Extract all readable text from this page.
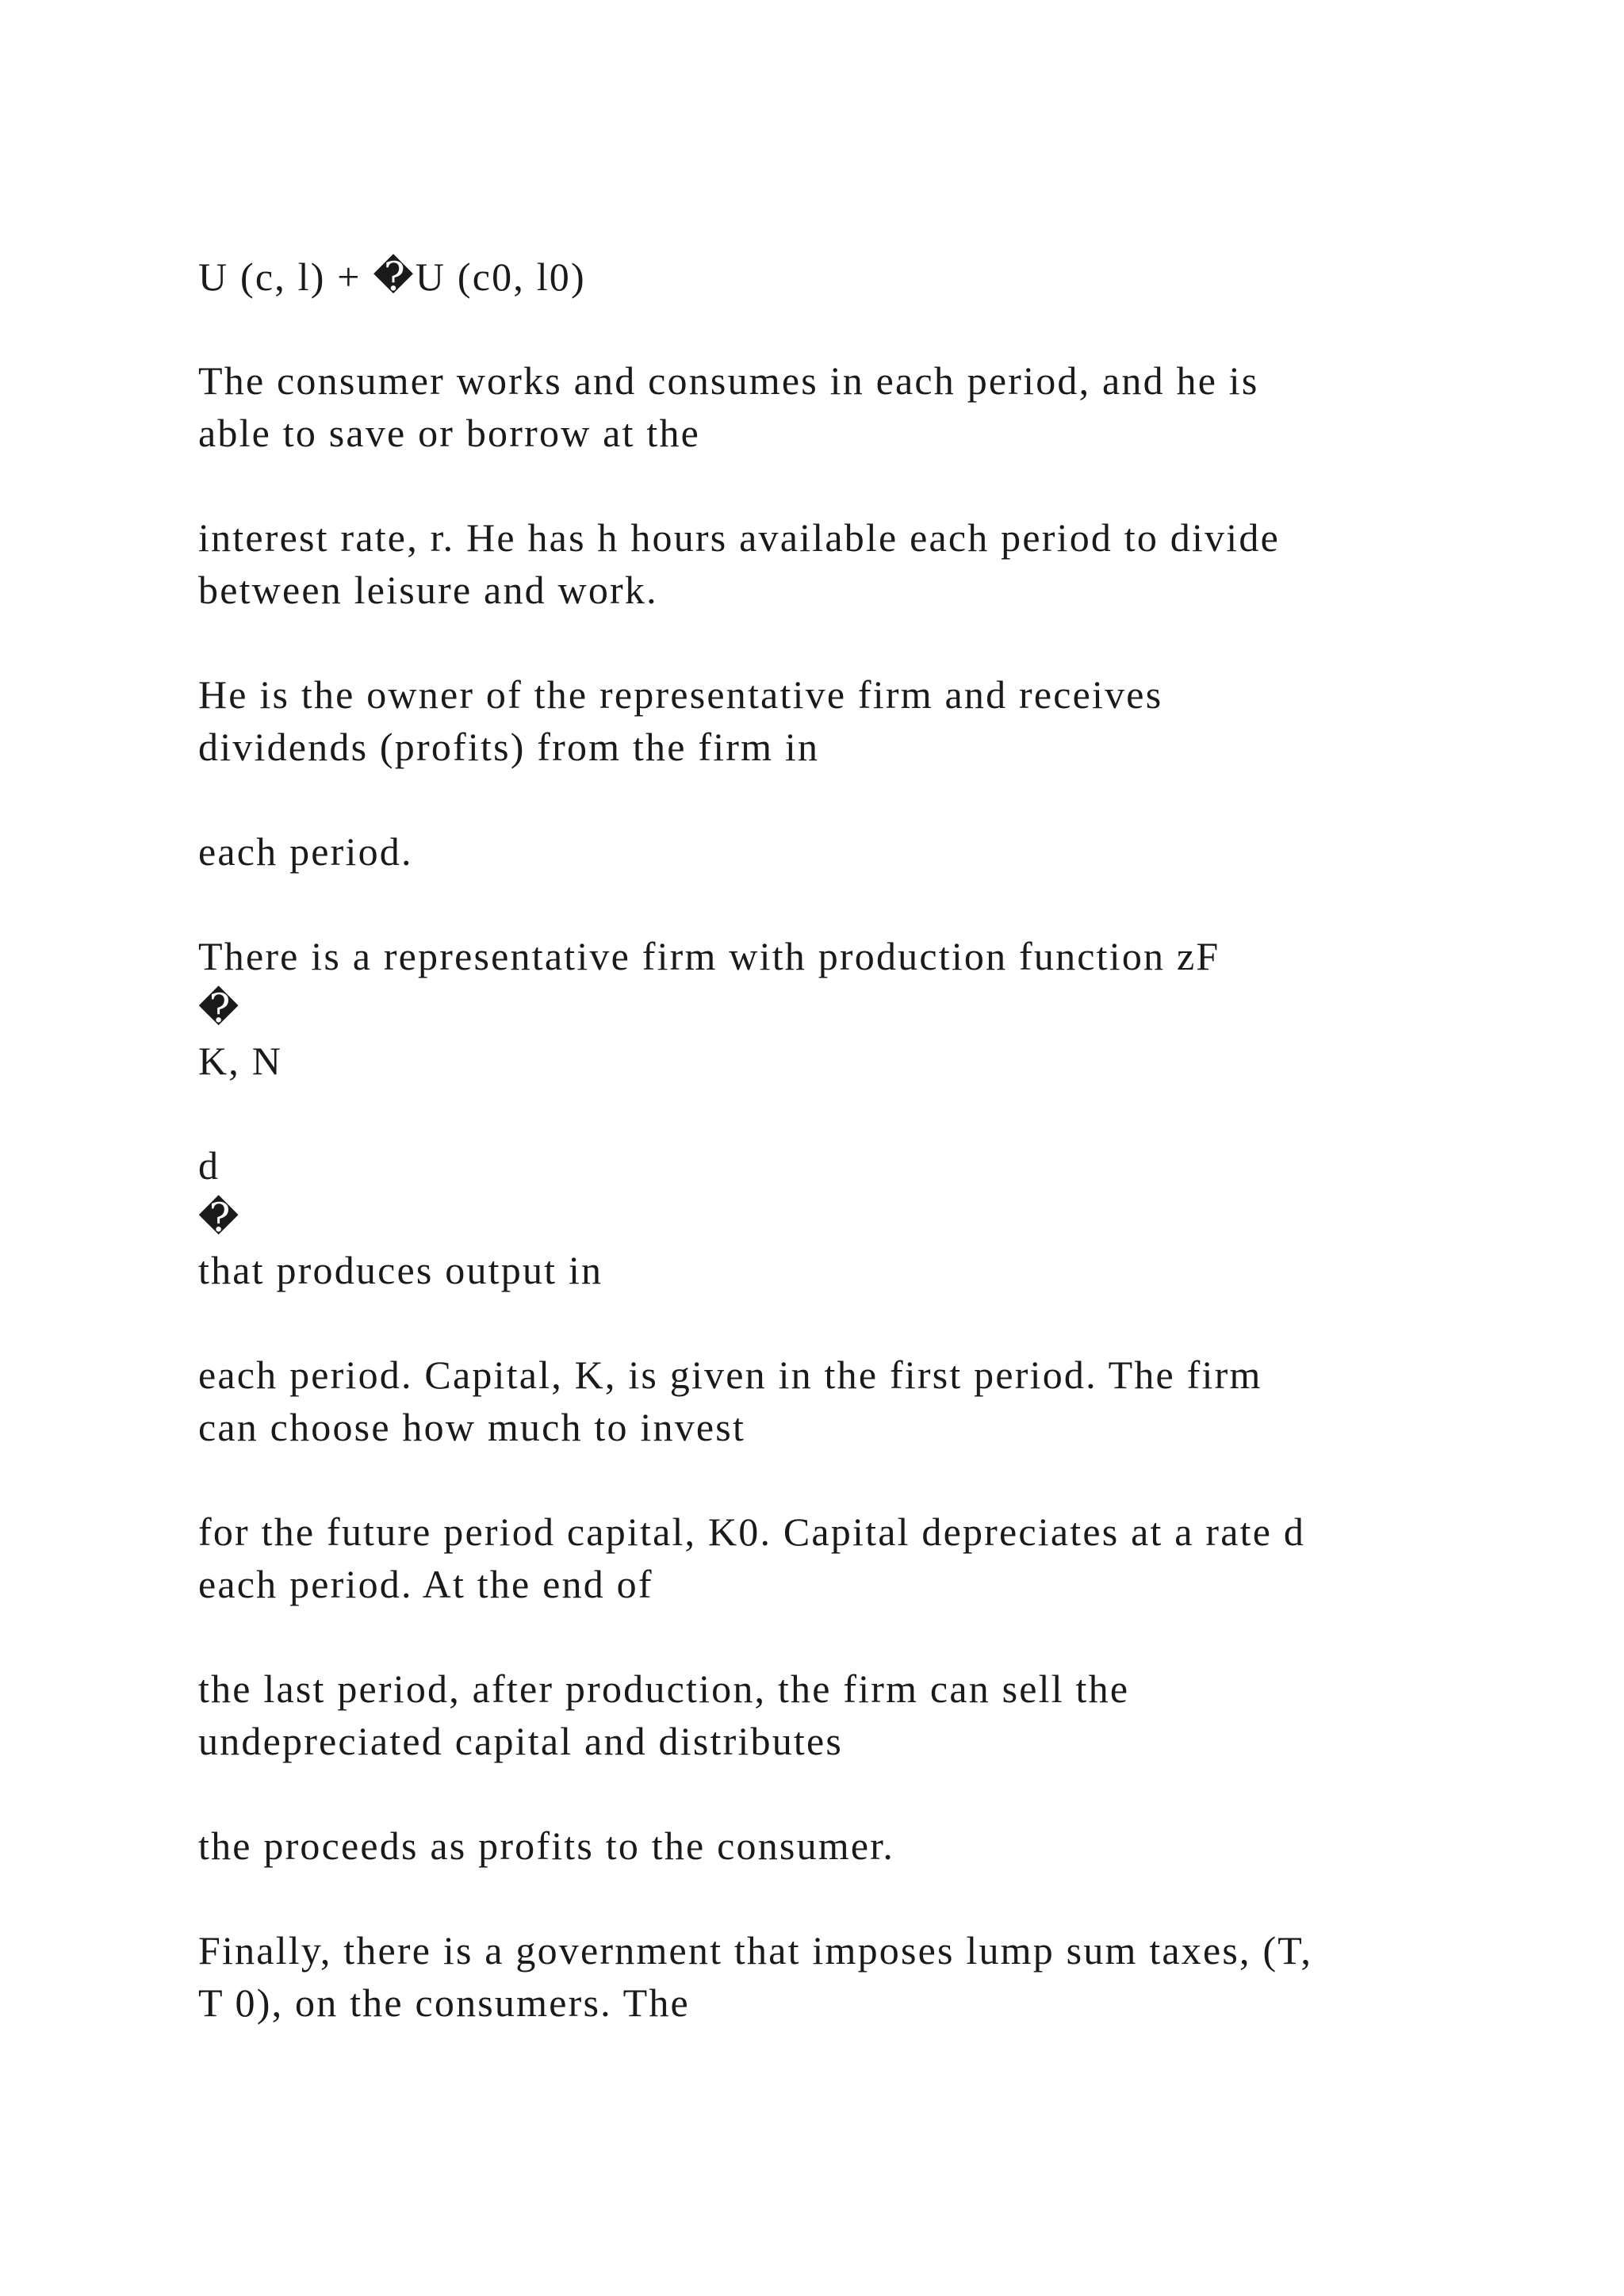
U (c, l) + �U (c0, l0)
The consumer works and consumes in each period, and he is
able to save or borrow at the
interest rate, r. He has h hours available each period to divide
between leisure and work.
He is the owner of the representative firm and receives
dividends (profits) from the firm in
each period.
There is a representative firm with production function zF
�
K, N
d
�
that produces output in
each period. Capital, K, is given in the first period. The firm
can choose how much to invest
for the future period capital, K0. Capital depreciates at a rate d
each period. At the end of
the last period, after production, the firm can sell the
undepreciated capital and distributes
the proceeds as profits to the consumer.
Finally, there is a government that imposes lump sum taxes, (T,
T 0), on the consumers. The
